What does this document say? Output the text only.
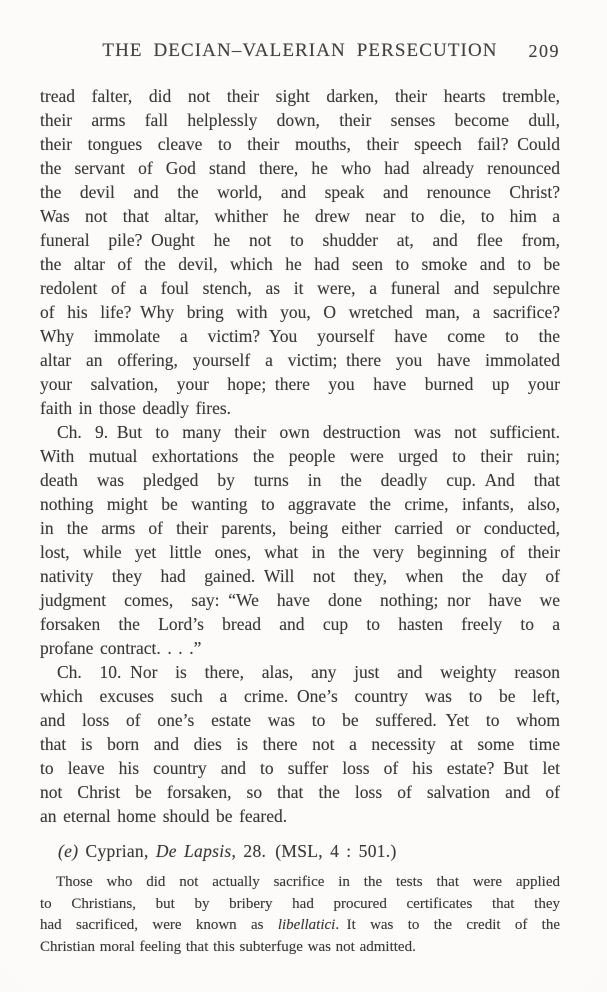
THE DECIAN–VALERIAN PERSECUTION	209
tread falter, did not their sight darken, their hearts tremble,
their arms fall helplessly down, their senses become dull,
their tongues cleave to their mouths, their speech fail? Could
the servant of God stand there, he who had already renounced
the devil and the world, and speak and renounce Christ?
Was not that altar, whither he drew near to die, to him a
funeral pile? Ought he not to shudder at, and flee from,
the altar of the devil, which he had seen to smoke and to be
redolent of a foul stench, as it were, a funeral and sepulchre
of his life? Why bring with you, O wretched man, a sacrifice?
Why immolate a victim? You yourself have come to the
altar an offering, yourself a victim; there you have immolated
your salvation, your hope; there you have burned up your
faith in those deadly fires.
Ch. 9. But to many their own destruction was not sufficient.
With mutual exhortations the people were urged to their ruin;
death was pledged by turns in the deadly cup. And that
nothing might be wanting to aggravate the crime, infants, also,
in the arms of their parents, being either carried or conducted,
lost, while yet little ones, what in the very beginning of their
nativity they had gained. Will not they, when the day of
judgment comes, say: “We have done nothing; nor have we
forsaken the Lord’s bread and cup to hasten freely to a
profane contract. . . .”
Ch. 10. Nor is there, alas, any just and weighty reason
which excuses such a crime. One’s country was to be left,
and loss of one’s estate was to be suffered. Yet to whom
that is born and dies is there not a necessity at some time
to leave his country and to suffer loss of his estate? But let
not Christ be forsaken, so that the loss of salvation and of
an eternal home should be feared.
(e) Cyprian, De Lapsis, 28. (MSL, 4 : 501.)
Those who did not actually sacrifice in the tests that were applied
to Christians, but by bribery had procured certificates that they
had sacrificed, were known as libellatici. It was to the credit of the
Christian moral feeling that this subterfuge was not admitted.
